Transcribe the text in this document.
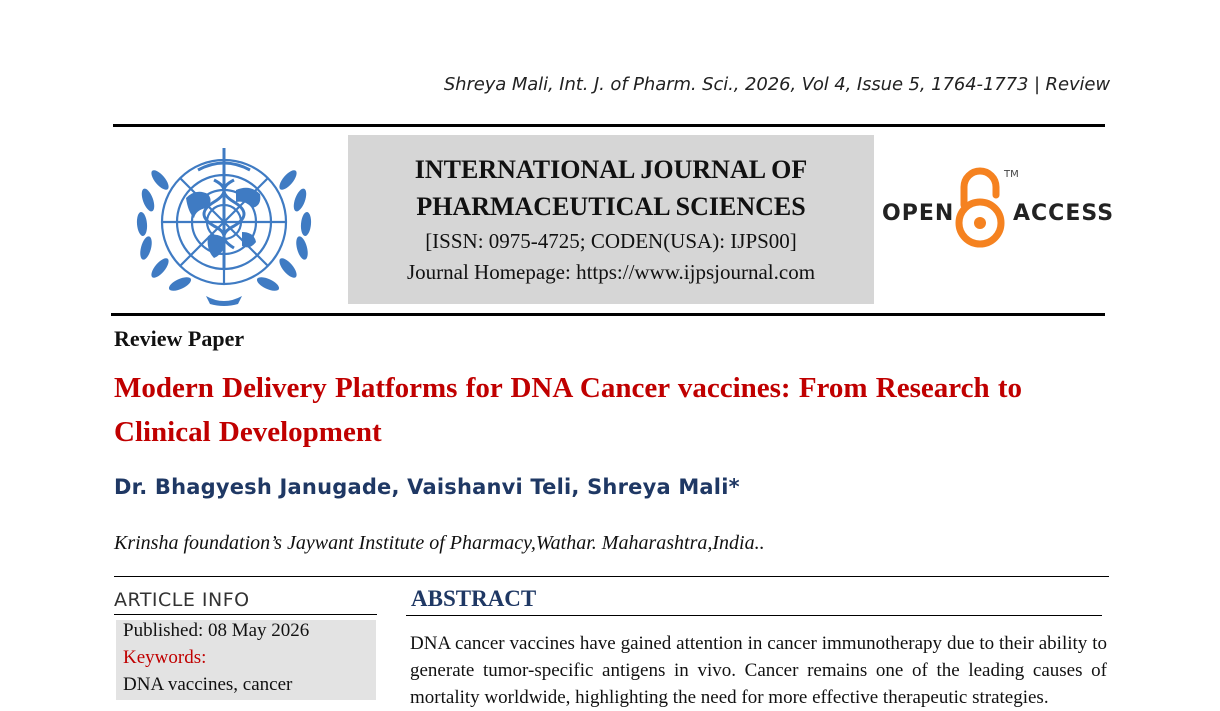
Shreya Mali, Int. J. of Pharm. Sci., 2026, Vol 4, Issue 5, 1764-1773 | Review
INTERNATIONAL JOURNAL OF
PHARMACEUTICAL SCIENCES
[ISSN: 0975-4725; CODEN(USA): IJPS00]
Journal Homepage: https://www.ijpsjournal.com
OPEN	ACCESS
TM
Review Paper
Modern Delivery Platforms for DNA Cancer vaccines: From Research to Clinical Development
Dr. Bhagyesh Janugade, Vaishanvi Teli, Shreya Mali*
Krinsha foundation’s Jaywant Institute of Pharmacy,Wathar. Maharashtra,India..
ARTICLE INFO
Published: 08 May 2026
Keywords:
DNA vaccines, cancer
ABSTRACT
DNA cancer vaccines have gained attention in cancer immunotherapy due to their ability to generate tumor-specific antigens in vivo. Cancer remains one of the leading causes of mortality worldwide, highlighting the need for more effective therapeutic strategies.
